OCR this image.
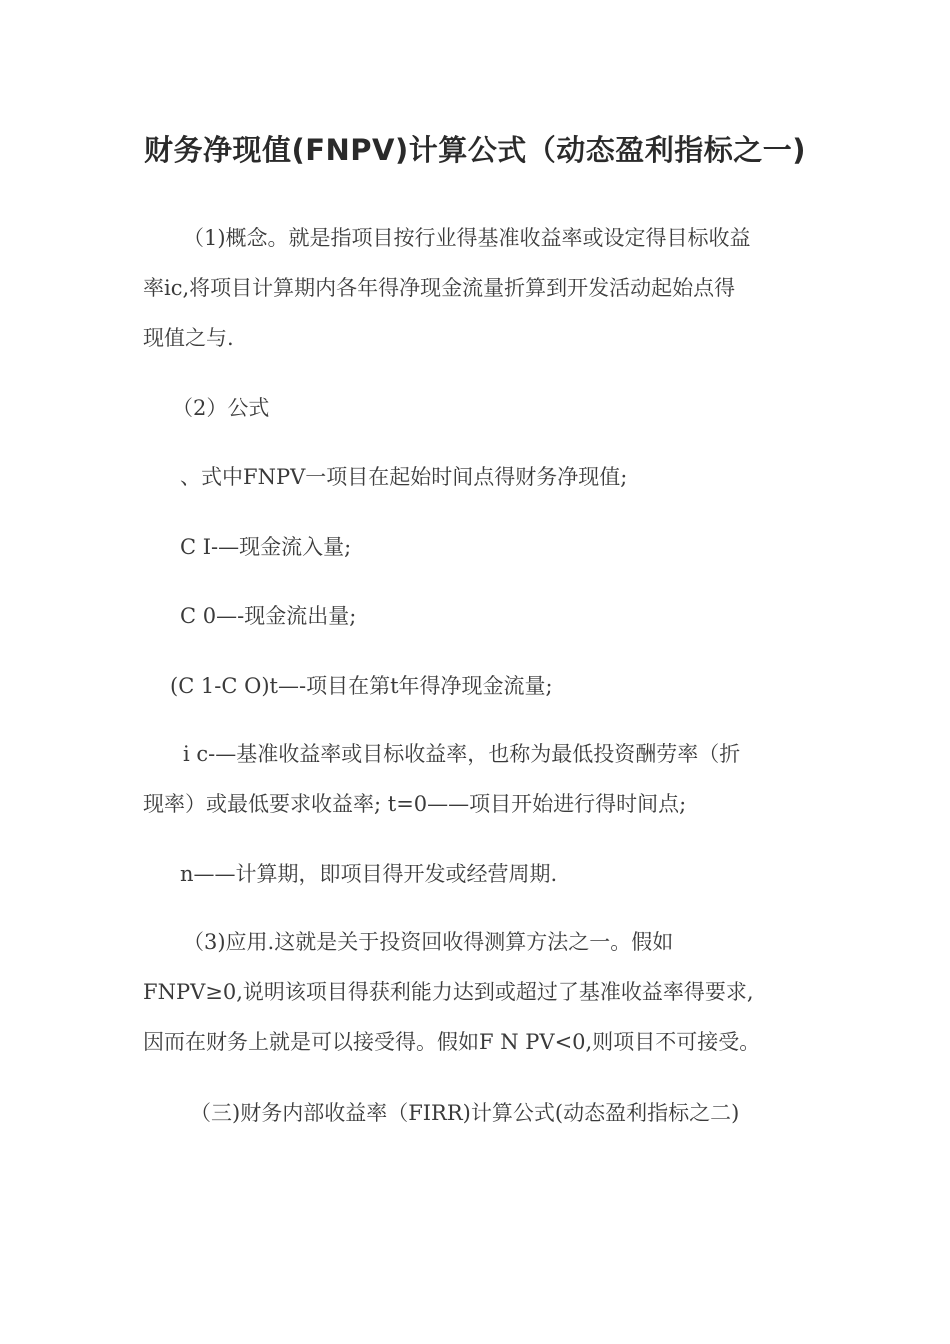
财务净现值(FNPV)计算公式（动态盈利指标之一)

（1)概念。就是指项目按行业得基准收益率或设定得目标收益

率ic,将项目计算期内各年得净现金流量折算到开发活动起始点得

现值之与.

（2）公式
、式中FNPV一项目在起始时间点得财务净现值;
C I-—现金流入量;
C 0—-现金流出量;
(C 1-C O)t—-项目在第t年得净现金流量;

i c-—基准收益率或目标收益率，也称为最低投资酬劳率（折

现率）或最低要求收益率; t=0——项目开始进行得时间点;

n——计算期，即项目得开发或经营周期.

（3)应用.这就是关于投资回收得测算方法之一。假如

FNPV≥0,说明该项目得获利能力达到或超过了基准收益率得要求,

因而在财务上就是可以接受得。假如F N PV<0,则项目不可接受。

（三)财务内部收益率（FIRR)计算公式(动态盈利指标之二)
